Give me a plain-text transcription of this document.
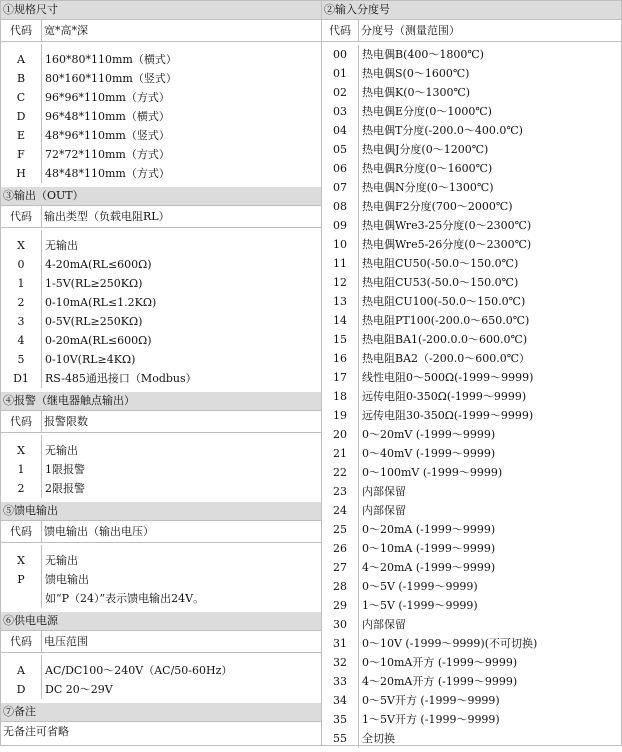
①规格尺寸
代码	宽*高*深
A	160*80*110mm（横式）
B	80*160*110mm（竖式）
C	96*96*110mm（方式）
D	96*48*110mm（横式）
E	48*96*110mm（竖式）
F	72*72*110mm（方式）
H	48*48*110mm（方式）
③输出（OUT）
代码	输出类型（负载电阻RL）
X	无输出
0	4-20mA(RL≤600Ω)
1	1-5V(RL≥250KΩ)
2	0-10mA(RL≤1.2KΩ)
3	0-5V(RL≥250KΩ)
4	0-20mA(RL≤600Ω)
5	0-10V(RL≥4KΩ)
D1	RS-485通迅接口（Modbus）
④报警（继电器触点输出）
代码	报警限数
X	无输出
1	1限报警
2	2限报警
⑤馈电输出
代码	馈电输出（输出电压）
X	无输出
P	馈电输出
如“P（24）”表示馈电输出24V。
⑥供电电源
代码	电压范围
A	AC/DC100～240V（AC/50-60Hz）
D	DC 20～29V
⑦备注
无备注可省略
②输入分度号
代码 分度号（测量范围）
00	热电偶B(400～1800℃)
01	热电偶S(0～1600℃)
02	热电偶K(0～1300℃)
03	热电偶E分度(0～1000℃)
04	热电偶T分度(-200.0～400.0℃)
05	热电偶J分度(0～1200℃)
06	热电偶R分度(0～1600℃)
07	热电偶N分度(0～1300℃)
08	热电偶F2分度(700～2000℃)
09	热电偶Wre3-25分度(0～2300℃)
10	热电偶Wre5-26分度(0～2300℃)
11	热电阻CU50(-50.0～150.0℃)
12	热电阻CU53(-50.0～150.0℃)
13	热电阻CU100(-50.0～150.0℃)
14	热电阻PT100(-200.0～650.0℃)
15	热电阻BA1(-200.0.0～600.0℃)
16	热电阻BA2（-200.0～600.0℃）
17	线性电阻0～500Ω(-1999～9999)
18	远传电阻0-350Ω(-1999～9999)
19	远传电阻30-350Ω(-1999～9999)
20	0～20mV (-1999～9999)
21	0～40mV (-1999～9999)
22	0～100mV (-1999～9999)
23	内部保留
24	内部保留
25	0～20mA (-1999～9999)
26	0～10mA (-1999～9999)
27	4～20mA (-1999～9999)
28	0～5V (-1999～9999)
29	1～5V (-1999～9999)
30	内部保留
31	0～10V (-1999～9999)(不可切换)
32	0～10mA开方 (-1999～9999)
33	4～20mA开方 (-1999～9999)
34	0～5V开方 (-1999～9999)
35	1～5V开方 (-1999～9999)
55	全切换
